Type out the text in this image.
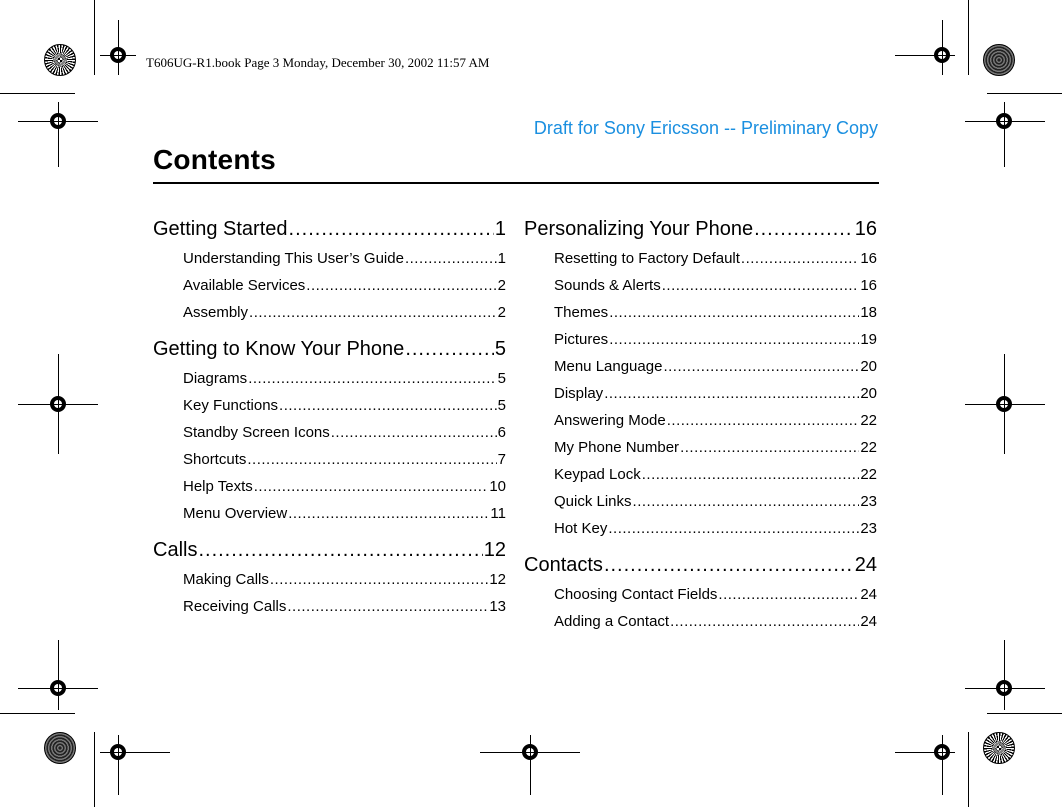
T606UG-R1.book Page 3 Monday, December 30, 2002 11:57 AM
Draft for Sony Ericsson -- Preliminary Copy
Contents
Getting Started .....	1
Understanding This User’s Guide .....	1
Available Services .....	2
Assembly .....	2
Getting to Know Your Phone .....	5
Diagrams .....	5
Key Functions .....	5
Standby Screen Icons .....	6
Shortcuts .....	7
Help Texts .....	10
Menu Overview .....	11
Calls .....	12
Making Calls .....	12
Receiving Calls .....	13
Personalizing Your Phone .....	16
Resetting to Factory Default .....	16
Sounds & Alerts .....	16
Themes .....	18
Pictures .....	19
Menu Language .....	20
Display .....	20
Answering Mode .....	22
My Phone Number .....	22
Keypad Lock .....	22
Quick Links .....	23
Hot Key .....	23
Contacts .....	24
Choosing Contact Fields .....	24
Adding a Contact .....	24
